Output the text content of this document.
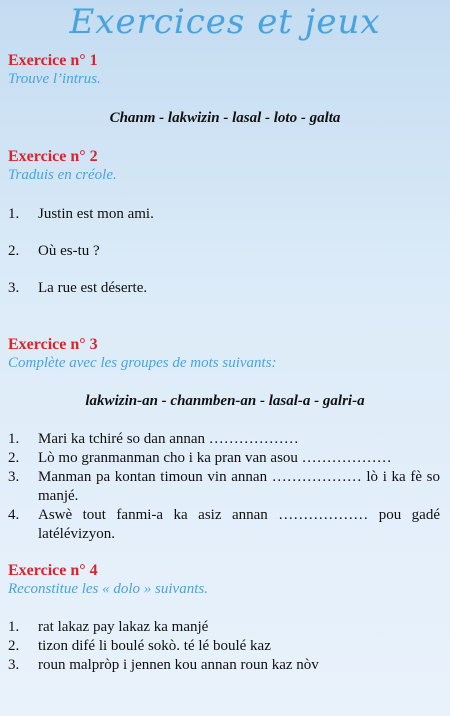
Exercices et jeux
Exercice n° 1
Trouve l’intrus.
Chanm - lakwizin - lasal - loto - galta
Exercice n° 2
Traduis en créole.
1. Justin est mon ami.
2. Où es-tu ?
3. La rue est déserte.
Exercice n° 3
Complète avec les groupes de mots suivants:
lakwizin-an - chanmben-an - lasal-a - galri-a
1. Mari ka tchiré so dan annan ………………
2. Lò mo granmanman cho i ka pran van asou ………………
3. Manman pa kontan timoun vin annan ……………… lò i ka fè so manjé.
4. Aswè tout fanmi-a ka asiz annan ……………… pou gadé latélévizyon.
Exercice n° 4
Reconstitue les « dolo » suivants.
1. rat lakaz pay lakaz ka manjé
2. tizon difé li boulé sokò. té lé boulé kaz
3. roun malpròp i jennen kou annan roun kaz nòv
